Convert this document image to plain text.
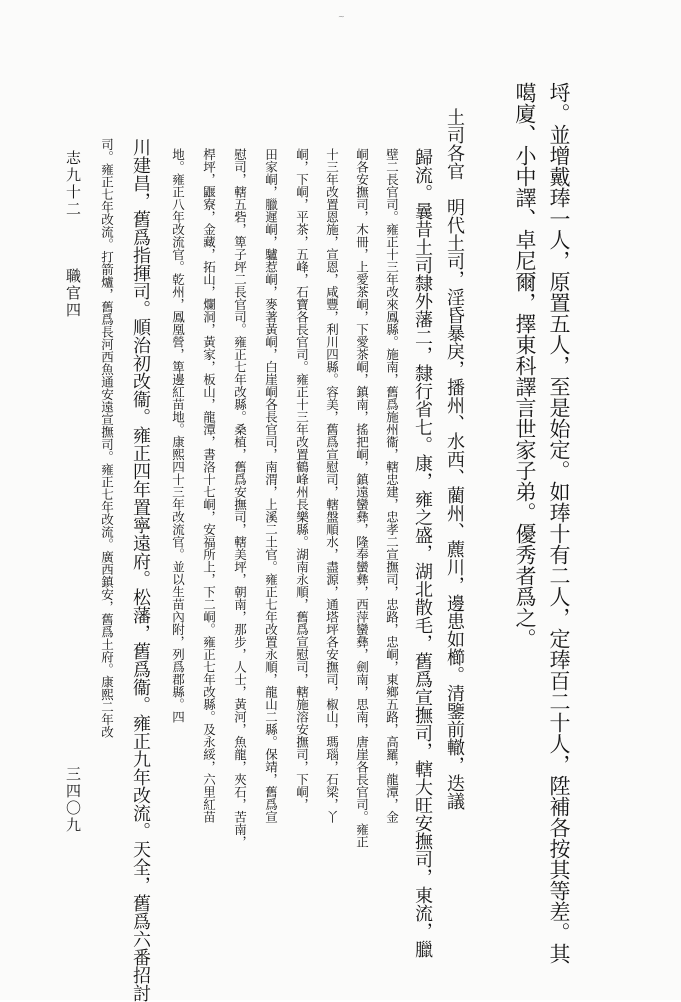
~
埒。並增戴琫一人，原置五人，至是始定。如琫十有二人，定琫百二十人，陞補各按其等差。其
噶廈、小中譯、卓尼爾，擇東科譯言世家子弟。優秀者爲之。
土司各官　明代土司，淫昏暴戾，播州、水西、藺州、藨川，邊患如櫛。清鑒前轍，迭議
歸流。曩昔土司隸外藩二，隸行省七。康，雍之盛，湖北散毛，舊爲宣撫司，轄大旺安撫司，東流，臘
壁二長官司。雍正十三年改來鳳縣。施南，舊爲施州衞，轄忠建，忠孝二宣撫司，忠路，忠峒，東鄉五路，高羅，龍潭，金
峒各安撫司，木冊，上愛茶峒，下愛茶峒，鎮南，搖把峒，鎮遠蠻彝，隆奉蠻彝，西萍蠻彝，劍南，思南，唐崖各長官司。雍正
十三年改置恩施，宣恩，咸豐，利川四縣。容美，舊爲宣慰司，轄盤順水，盡源，通塔坪各安撫司，椒山，瑪瑙，石梁，丫
峒，下峒，平茶，五峰，石寶各長官司。雍正十三年改置鶴峰州長樂縣。湖南永順，舊爲宣慰司，轄施溶安撫司，下峒，
田家峒，臘遲峒，驢惹峒，麥著黃峒，白崖峒各長官司，南渭，上溪二土官。雍正七年改置永順，龍山二縣。保靖，舊爲宣
慰司，轄五砦，箄子坪二長官司。雍正七年改縣。桑植，舊爲安撫司，轄美坪，朝南，那步，人士，黃河，魚龍，夾石，苦南，
桿坪，鼴寮，金藏，拓山，爛洞，黃家，板山，龍潭，書洛十七峒，安福所上，下二峒。雍正七年改縣。及永綏，六里紅苗
地。雍正八年改流官。乾州，鳳凰營，箄邊紅苗地。康熙四十三年改流官。並以生苗內附，列爲郡縣。四
川建昌，舊爲指揮司。順治初改衞。雍正四年置寧遠府。松藩，舊爲衞。雍正九年改流。天全，舊爲六番招討
司。雍正七年改流。打箭爐，舊爲長河西魚通安遠宣撫司。雍正七年改流。廣西鎮安，舊爲土府。康熙二年改
志九十二
職官四
三四〇九
